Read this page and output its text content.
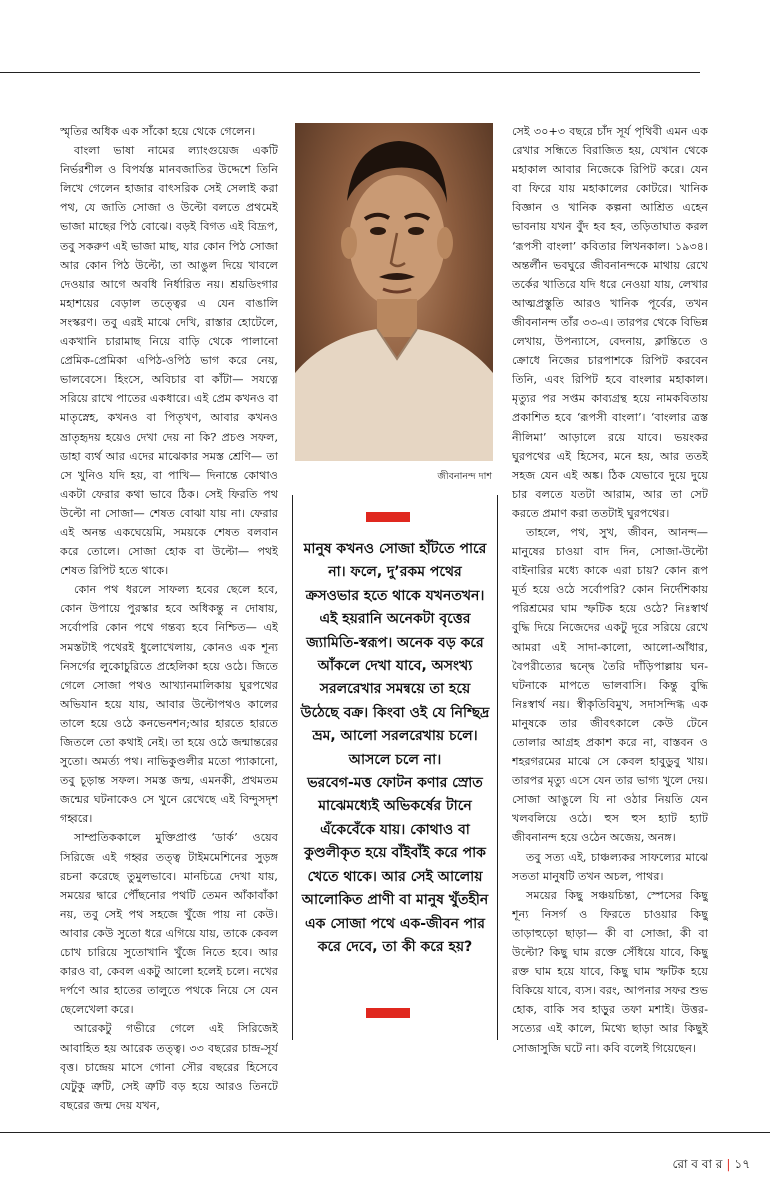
স্মৃতির অধিক এক সাঁকো হয়ে থেকে গেলেন।

বাংলা ভাষা নামের ল্যাংগুয়েজ একটি নির্ভরশীল ও বিপর্যস্ত মানবজাতির উদ্দেশে তিনি লিখে গেলেন হাজার বাৎসরিক সেই সেলাই করা পথ, যে জাতি সোজা ও উল্টো বলতে প্রথমেই ভাজা মাছের পিঠ বোঝে। বড়ই বিগত এই বিদ্রূপ, তবু সকরুণ এই ভাজা মাছ, যার কোন পিঠ সোজা আর কোন পিঠ উল্টো, তা আঙুল দিয়ে খাবলে দেওয়ার আগে অবধি নির্ধারিত নয়। শ্রয়ডিংগার মহাশয়ের বেড়াল তত্ত্বের এ যেন বাঙালি সংস্করণ। তবু এরই মাঝে দেখি, রাস্তার হোটেলে, একখানি চারামাছ নিয়ে বাড়ি থেকে পালানো প্রেমিক-প্রেমিকা এপিঠ-ওপিঠ ভাগ করে নেয়, ভালবেসে। হিংসে, অবিচার বা কাঁটা— সযত্নে সরিয়ে রাখে পাতের একধারে। এই প্রেম কখনও বা মাতৃস্নেহ, কখনও বা পিতৃখণ, আবার কখনও ভ্রাতৃহৃদয় হয়েও দেখা দেয় না কি? প্রচণ্ড সফল, ডাহা ব্যর্থ আর এদের মাঝেকার সমস্ত শ্রেণি— তা সে খুনিও যদি হয়, বা পাখি— দিনান্তে কোথাও একটা ফেরার কথা ভাবে ঠিক। সেই ফিরতি পথ উল্টো না সোজা— শেষত বোঝা যায় না। ফেরার এই অনন্ত একঘেয়েমি, সময়কে শেষত বলবান করে তোলে। সোজা হোক বা উল্টো— পথই শেষত রিপিট হতে থাকে।

কোন পথ ধরলে সাফল্য হবের ছেলে হবে, কোন উপায়ে পুরস্কার হবে অধিকন্তু ন দোষায়, সর্বোপরি কোন পথে গন্তব্য হবে নিশ্চিত— এই সমস্তটাই পথেরই ধুলোখেলায়, কোনও এক শূন্য নিসর্গের লুকোচুরিতে প্রহেলিকা হয়ে ওঠে। জিতে গেলে সোজা পথও আখ্যানমালিকায় ঘুরপথের অভিযান হয়ে যায়, আবার উল্টোপথও কালের তালে হয়ে ওঠে কনভেনশন;আর হারতে হারতে জিতলে তো কথাই নেই। তা হয়ে ওঠে জন্মান্তরের সুতো। অমর্ত্য পথ। নাভিকুণ্ডলীর মতো প্যাকানো, তবু চূড়ান্ত সফল। সমস্ত জন্ম, এমনকী, প্রথমতম জন্মের ঘটনাকেও সে খুনে রেখেছে এই বিন্দুসদৃশ গহ্বরে।

সাম্প্রতিককালে মুক্তিপ্রাপ্ত ‘ডার্ক’ ওয়েব সিরিজে এই গহ্বর তত্ত্ব টাইমমেশিনের সুড়ঙ্গ রচনা করেছে তুমুলভাবে। মানচিত্রে দেখা যায়, সময়ের দ্বারে পৌঁছনোর পথটি তেমন আঁকাবাঁকা নয়, তবু সেই পথ সহজে খুঁজে পায় না কেউ। আবার কেউ সুতো ধরে এগিয়ে যায়, তাকে কেবল চোখ চারিয়ে সুতোখানি খুঁজে নিতে হবে। আর কারও বা, কেবল একটু আলো হলেই চলে। নখের দর্পণে আর হাতের তালুতে পথকে নিয়ে সে যেন ছেলেখেলা করে।

আরেকটু গভীরে গেলে এই সিরিজেই আবাহিত হয় আরেক তত্ত্ব। ৩৩ বছরের চান্দ্র-সূর্য বৃত্ত। চান্দ্রেয় মাসে গোনা সৌর বছরের হিসেবে যেটুকু ত্রুটি, সেই ত্রুটি বড় হয়ে আরও তিনটে বছরের জন্ম দেয় যখন,

জীবনানন্দ দাশ

মানুষ কখনও সোজা হাঁটতে পারে না। ফলে, দু’রকম পথের ক্রসওভার হতে থাকে যখনতখন। এই হয়রানি অনেকটা বৃত্তের জ্যামিতি-স্বরূপ। অনেক বড় করে আঁকলে দেখা যাবে, অসংখ্য সরলরেখার সমন্বয়ে তা হয়ে উঠেছে বক্র। কিংবা ওই যে নিশ্ছিদ্র ভ্রম, আলো সরলরেখায় চলে। আসলে চলে না।

ভরবেগ-মত্ত ফোটন কণার স্রোত মাঝেমধ্যেই অভিকর্ষের টানে এঁকেবেঁকে যায়। কোথাও বা কুণ্ডলীকৃত হয়ে বাঁইবাঁই করে পাক খেতে থাকে। আর সেই আলোয় আলোকিত প্রাণী বা মানুষ খুঁতহীন এক সোজা পথে এক-জীবন পার করে দেবে, তা কী করে হয়?

সেই ৩০+৩ বছরে চাঁদ সূর্য পৃথিবী এমন এক রেখার সন্ধিতে বিরাজিত হয়, যেখান থেকে মহাকাল আবার নিজেকে রিপিট করে। যেন বা ফিরে যায় মহাকালের কোটরে। খানিক বিজ্ঞান ও খানিক কল্পনা আশ্রিত এহেন ভাবনায় যখন বুঁদ হব হব, তড়িতাঘাত করল ‘রূপসী বাংলা’ কবিতার লিখনকাল। ১৯৩৪। অন্তর্লীন ভবঘুরে জীবনানন্দকে মাথায় রেখে তর্কের খাতিরে যদি ধরে নেওয়া যায়, লেখার আত্মপ্রস্তুতি আরও খানিক পূর্বের, তখন জীবনানন্দ তাঁর ৩৩-এ। তারপর থেকে বিভিন্ন লেখায়, উপন্যাসে, বেদনায়, ক্লান্তিতে ও ক্রোধে নিজের চারপাশকে রিপিট করবেন তিনি, এবং রিপিট হবে বাংলার মহাকাল। মৃত্যুর পর সপ্তম কাব্যগ্রন্থ হয়ে নামকবিতায় প্রকাশিত হবে ‘রূপসী বাংলা’। ‘বাংলার ত্রস্ত নীলিমা’ আড়ালে রয়ে যাবে। ভয়ংকর ঘুরপথের এই হিসেব, মনে হয়, আর ততই সহজ যেন এই অঙ্ক। ঠিক যেভাবে দুয়ে দুয়ে চার বলতে যতটা আরাম, আর তা সেট করতে প্রমাণ করা ততটাই ঘুরপথের।

তাহলে, পথ, সুখ, জীবন, আনন্দ— মানুষের চাওয়া বাদ দিন, সোজা-উল্টো বাইনারির মধ্যে কাকে এরা চায়? কোন রূপ মূর্ত হয়ে ওঠে সর্বোপরি? কোন নির্দেশিকায় পরিশ্রমের ঘাম স্ফটিক হয়ে ওঠে? নিঃস্বার্থ বুদ্ধি দিয়ে নিজেদের একটু দূরে সরিয়ে রেখে আমরা এই সাদা-কালো, আলো-আঁধার, বৈপরীত্যের দ্বন্দ্বে তৈরি দাঁড়িপাল্লায় ঘন-ঘটনাকে মাপতে ভালবাসি। কিন্তু বুদ্ধি নিঃস্বার্থ নয়। স্বীকৃতিবিমুখ, সদাসন্দিগ্ধ এক মানুষকে তার জীবৎকালে কেউ টেনে তোলার আগ্রহ প্রকাশ করে না, বাস্তবন ও শহরগরমের মাঝে সে কেবল হাবুডুবু খায়। তারপর মৃত্যু এসে যেন তার ভাগ্য খুলে দেয়। সোজা আঙুলে যি না ওঠার নিয়তি যেন খলবলিয়ে ওঠে। হুস হুস হ্যাট হ্যাট জীবনানন্দ হয়ে ওঠেন অজেয়, অনঙ্গ।

তবু সত্য এই, চাঞ্চল্যকর সাফল্যের মাঝে সততা মানুষটি তখন অচল, পাথর।

সময়ের কিছু সঞ্চয়চিন্তা, স্পেসের কিছু শূন্য নিসর্গ ও ফিরতে চাওয়ার কিছু তাড়াহুড়ো ছাড়া— কী বা সোজা, কী বা উল্টো? কিছু ঘাম রক্তে সেঁধিয়ে যাবে, কিছু রক্ত ঘাম হয়ে যাবে, কিছু ঘাম স্ফটিক হয়ে বিকিয়ে যাবে, ব্যস। বরং, আপনার সফর শুভ হোক, বাকি সব হাড়ুর তফা মশাই। উত্তর-সত্যের এই কালে, মিথ্যে ছাড়া আর কিছুই সোজাসুজি ঘটে না। কবি বলেই গিয়েছেন।

রো ব বা র | ১৭
